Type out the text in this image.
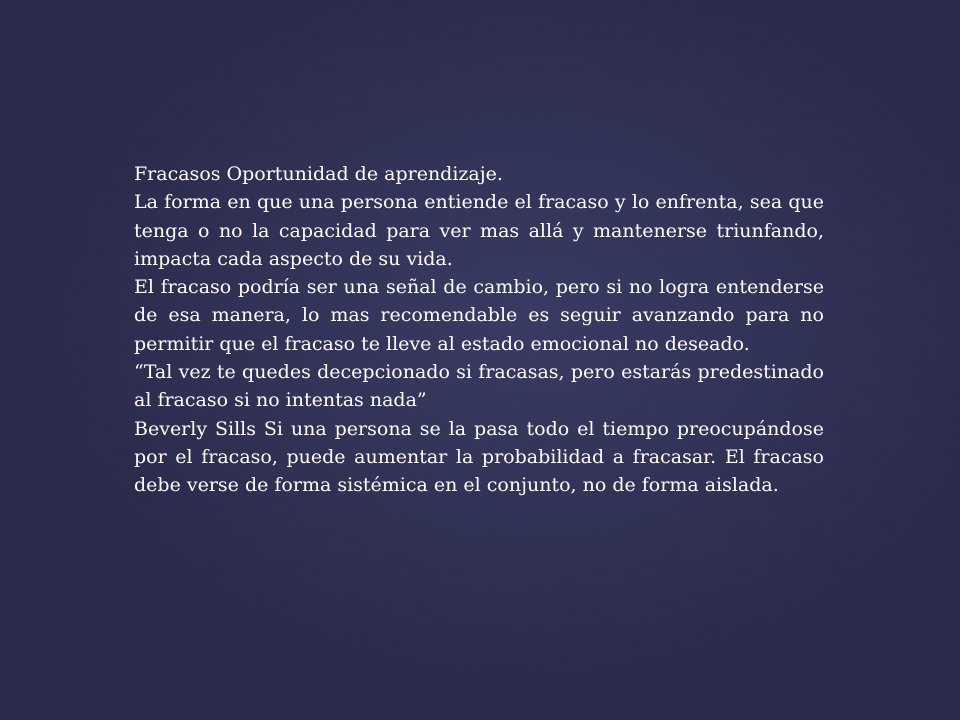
Fracasos Oportunidad de aprendizaje.

La forma en que una persona entiende el fracaso y lo enfrenta, sea que tenga o no la capacidad para ver mas allá y mantenerse triunfando, impacta cada aspecto de su vida.

El fracaso podría ser una señal de cambio, pero si no logra entenderse de esa manera, lo mas recomendable es seguir avanzando para no permitir que el fracaso te lleve al estado emocional no deseado.

“Tal vez te quedes decepcionado si fracasas, pero estarás predestinado al fracaso si no intentas nada”

Beverly Sills Si una persona se la pasa todo el tiempo preocupándose por el fracaso, puede aumentar la probabilidad a fracasar. El fracaso debe verse de forma sistémica en el conjunto, no de forma aislada.
